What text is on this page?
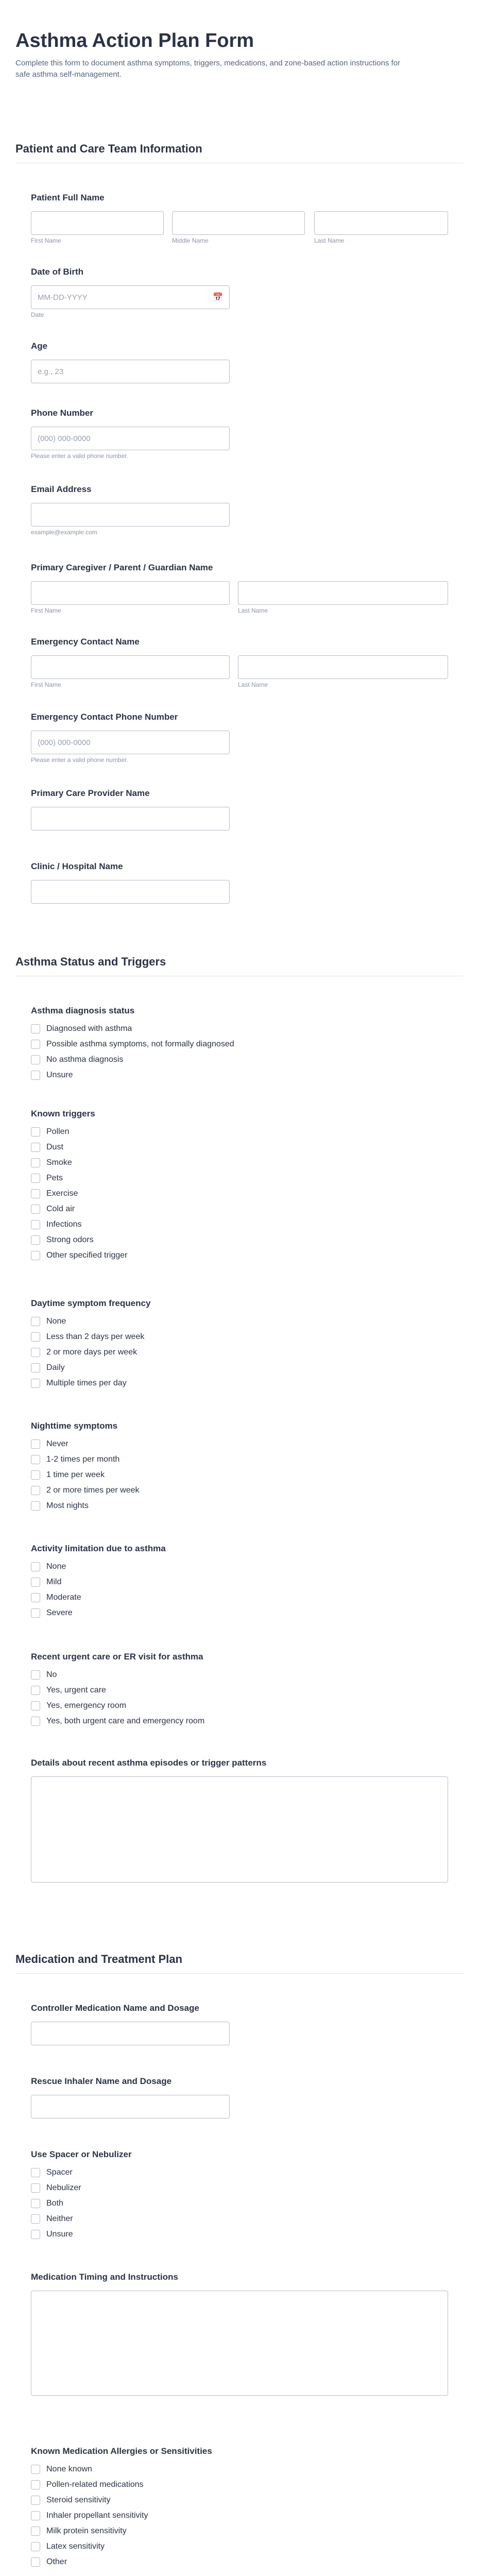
Asthma Action Plan Form
Complete this form to document asthma symptoms, triggers, medications, and zone-based action instructions for safe asthma self-management.
Patient and Care Team Information
Patient Full Name
First Name	Middle Name	Last Name
Date of Birth
MM-DD-YYYY	📅
Date
Age
e.g., 23
Phone Number
(000) 000-0000
Please enter a valid phone number.
Email Address
example@example.com
Primary Caregiver / Parent / Guardian Name
First Name	Last Name
Emergency Contact Name
First Name	Last Name
Emergency Contact Phone Number
(000) 000-0000
Please enter a valid phone number.
Primary Care Provider Name
Clinic / Hospital Name
Asthma Status and Triggers
Asthma diagnosis status
Diagnosed with asthma
Possible asthma symptoms, not formally diagnosed
No asthma diagnosis
Unsure
Known triggers
Pollen
Dust
Smoke
Pets
Exercise
Cold air
Infections
Strong odors
Other specified trigger
Daytime symptom frequency
None
Less than 2 days per week
2 or more days per week
Daily
Multiple times per day
Nighttime symptoms
Never
1-2 times per month
1 time per week
2 or more times per week
Most nights
Activity limitation due to asthma
None
Mild
Moderate
Severe
Recent urgent care or ER visit for asthma
No
Yes, urgent care
Yes, emergency room
Yes, both urgent care and emergency room
Details about recent asthma episodes or trigger patterns
Medication and Treatment Plan
Controller Medication Name and Dosage
Rescue Inhaler Name and Dosage
Use Spacer or Nebulizer
Spacer
Nebulizer
Both
Neither
Unsure
Medication Timing and Instructions
Known Medication Allergies or Sensitivities
None known
Pollen-related medications
Steroid sensitivity
Inhaler propellant sensitivity
Milk protein sensitivity
Latex sensitivity
Other
